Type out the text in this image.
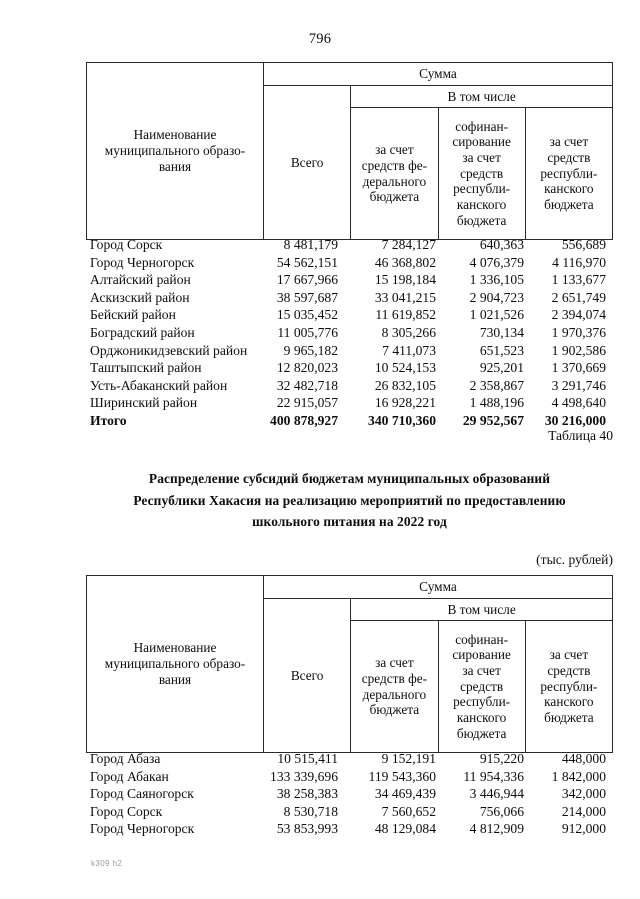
796
Наименование
муниципального образо-
вания	Сумма			
	Всего	В том числе		

за счет
средств фе-
дерального
бюджета

софинан-
сирование
за счет
средств
республи-
канского
бюджета

за счет
средств
республи-
канского
бюджета
Город Сорск	8 481,179	7 284,127	640,363	556,689
Город Черногорск	54 562,151	46 368,802	4 076,379	4 116,970
Алтайский район	17 667,966	15 198,184	1 336,105	1 133,677
Аскизский район	38 597,687	33 041,215	2 904,723	2 651,749
Бейский район	15 035,452	11 619,852	1 021,526	2 394,074
Боградский район	11 005,776	8 305,266	730,134	1 970,376
Орджоникидзевский район	9 965,182	7 411,073	651,523	1 902,586
Таштыпский район	12 820,023	10 524,153	925,201	1 370,669
Усть-Абаканский район	32 482,718	26 832,105	2 358,867	3 291,746
Ширинский район	22 915,057	16 928,221	1 488,196	4 498,640
Итого	400 878,927	340 710,360	29 952,567	30 216,000
Таблица 40
Распределение субсидий бюджетам муниципальных образований
Республики Хакасия на реализацию мероприятий по предоставлению
школьного питания на 2022 год
(тыс. рублей)
Наименование
муниципального образо-
вания	Сумма			
	Всего	В том числе		

за счет
средств фе-
дерального
бюджета

софинан-
сирование
за счет
средств
республи-
канского
бюджета

за счет
средств
республи-
канского
бюджета
Город Абаза	10 515,411	9 152,191	915,220	448,000
Город Абакан	133 339,696	119 543,360	11 954,336	1 842,000
Город Саяногорск	38 258,383	34 469,439	3 446,944	342,000
Город Сорск	8 530,718	7 560,652	756,066	214,000
Город Черногорск	53 853,993	48 129,084	4 812,909	912,000
k309 h2
